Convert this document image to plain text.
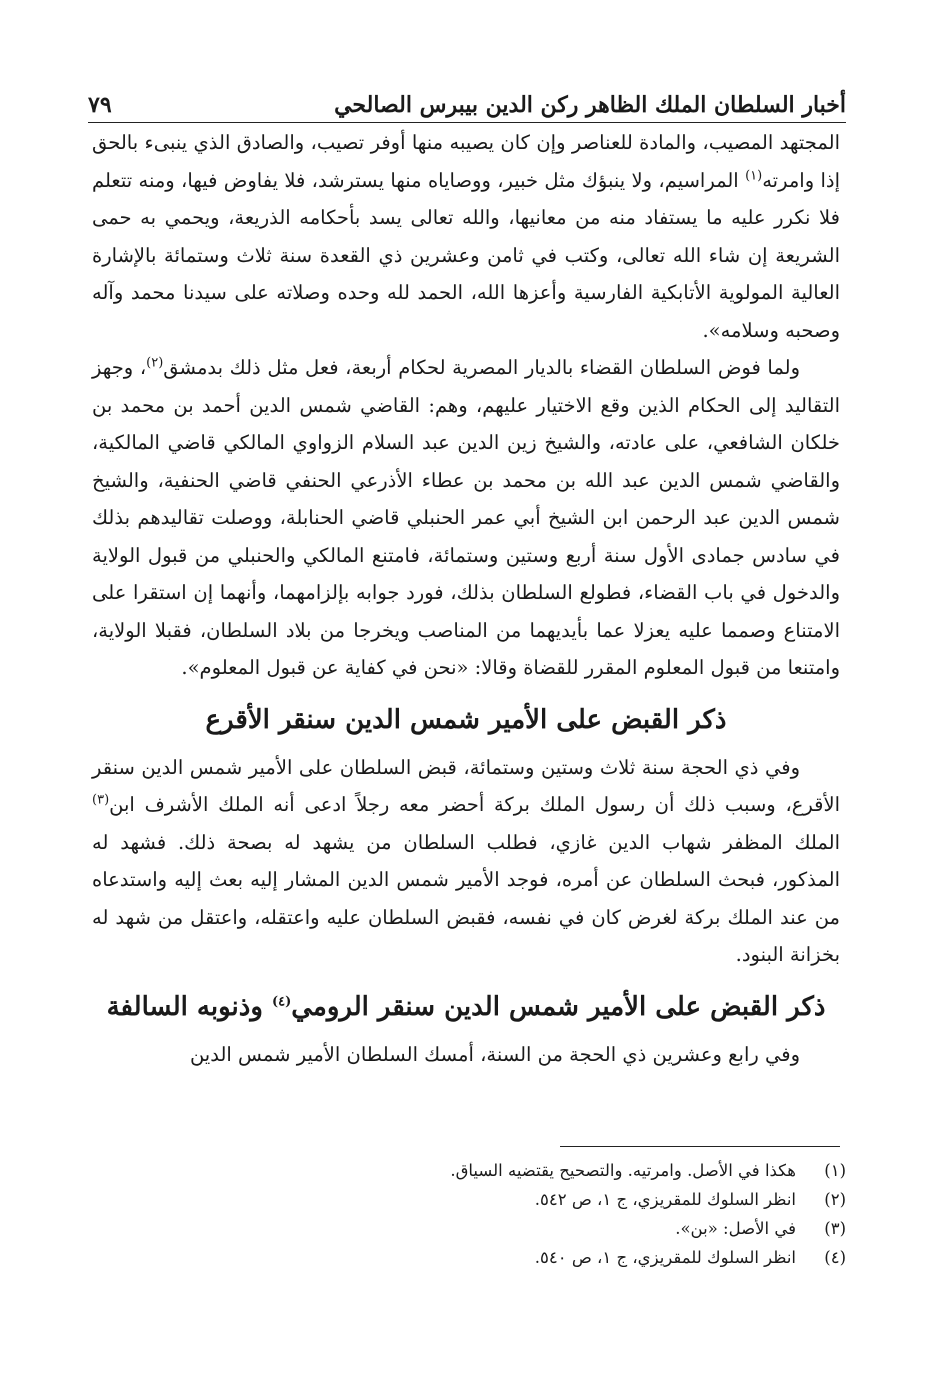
أخبار السلطان الملك الظاهر ركن الدين بيبرس الصالحي
٧٩

المجتهد المصيب، والمادة للعناصر وإن كان يصيبه منها أوفر تصيب، والصادق الذي ينبىء بالحق إذا وامرته$^{(١)}$ المراسيم، ولا ينبؤك مثل خبير، ووصاياه منها يسترشد، فلا يفاوض فيها، ومنه تتعلم فلا نكرر عليه ما يستفاد منه من معانيها، والله تعالى يسد بأحكامه الذريعة، ويحمي به حمى الشريعة إن شاء الله تعالى، وكتب في ثامن وعشرين ذي القعدة سنة ثلاث وستمائة بالإشارة العالية المولوية الأتابكية الفارسية وأعزها الله، الحمد لله وحده وصلاته على سيدنا محمد وآله وصحبه وسلامه».

ولما فوض السلطان القضاء بالديار المصرية لحكام أربعة، فعل مثل ذلك بدمشق$^{(٢)}$، وجهز التقاليد إلى الحكام الذين وقع الاختيار عليهم، وهم: القاضي شمس الدين أحمد بن محمد بن خلكان الشافعي، على عادته، والشيخ زين الدين عبد السلام الزواوي المالكي قاضي المالكية، والقاضي شمس الدين عبد الله بن محمد بن عطاء الأذرعي الحنفي قاضي الحنفية، والشيخ شمس الدين عبد الرحمن ابن الشيخ أبي عمر الحنبلي قاضي الحنابلة، ووصلت تقاليدهم بذلك في سادس جمادى الأول سنة أربع وستين وستمائة، فامتنع المالكي والحنبلي من قبول الولاية والدخول في باب القضاء، فطولع السلطان بذلك، فورد جوابه بإلزامهما، وأنهما إن استقرا على الامتناع وصمما عليه يعزلا عما بأيديهما من المناصب ويخرجا من بلاد السلطان، فقبلا الولاية، وامتنعا من قبول المعلوم المقرر للقضاة وقالا: «نحن في كفاية عن قبول المعلوم».

ذكر القبض على الأمير شمس الدين سنقر الأقرع

وفي ذي الحجة سنة ثلاث وستين وستمائة، قبض السلطان على الأمير شمس الدين سنقر الأقرع، وسبب ذلك أن رسول الملك بركة أحضر معه رجلاً ادعى أنه الملك الأشرف ابن$^{(٣)}$ الملك المظفر شهاب الدين غازي، فطلب السلطان من يشهد له بصحة ذلك. فشهد له المذكور، فبحث السلطان عن أمره، فوجد الأمير شمس الدين المشار إليه بعث إليه واستدعاه من عند الملك بركة لغرض كان في نفسه، فقبض السلطان عليه واعتقله، واعتقل من شهد له بخزانة البنود.

ذكر القبض على الأمير شمس الدين سنقر الرومي$^{(٤)}$ وذنوبه السالفة

وفي رابع وعشرين ذي الحجة من السنة، أمسك السلطان الأمير شمس الدين

(١)
هكذا في الأصل. وامرتيه. والتصحيح يقتضيه السياق.
(٢)
انظر السلوك للمقريزي، ج ١، ص ٥٤٢.
(٣)
في الأصل: «بن».
(٤)
انظر السلوك للمقريزي، ج ١، ص ٥٤٠.
